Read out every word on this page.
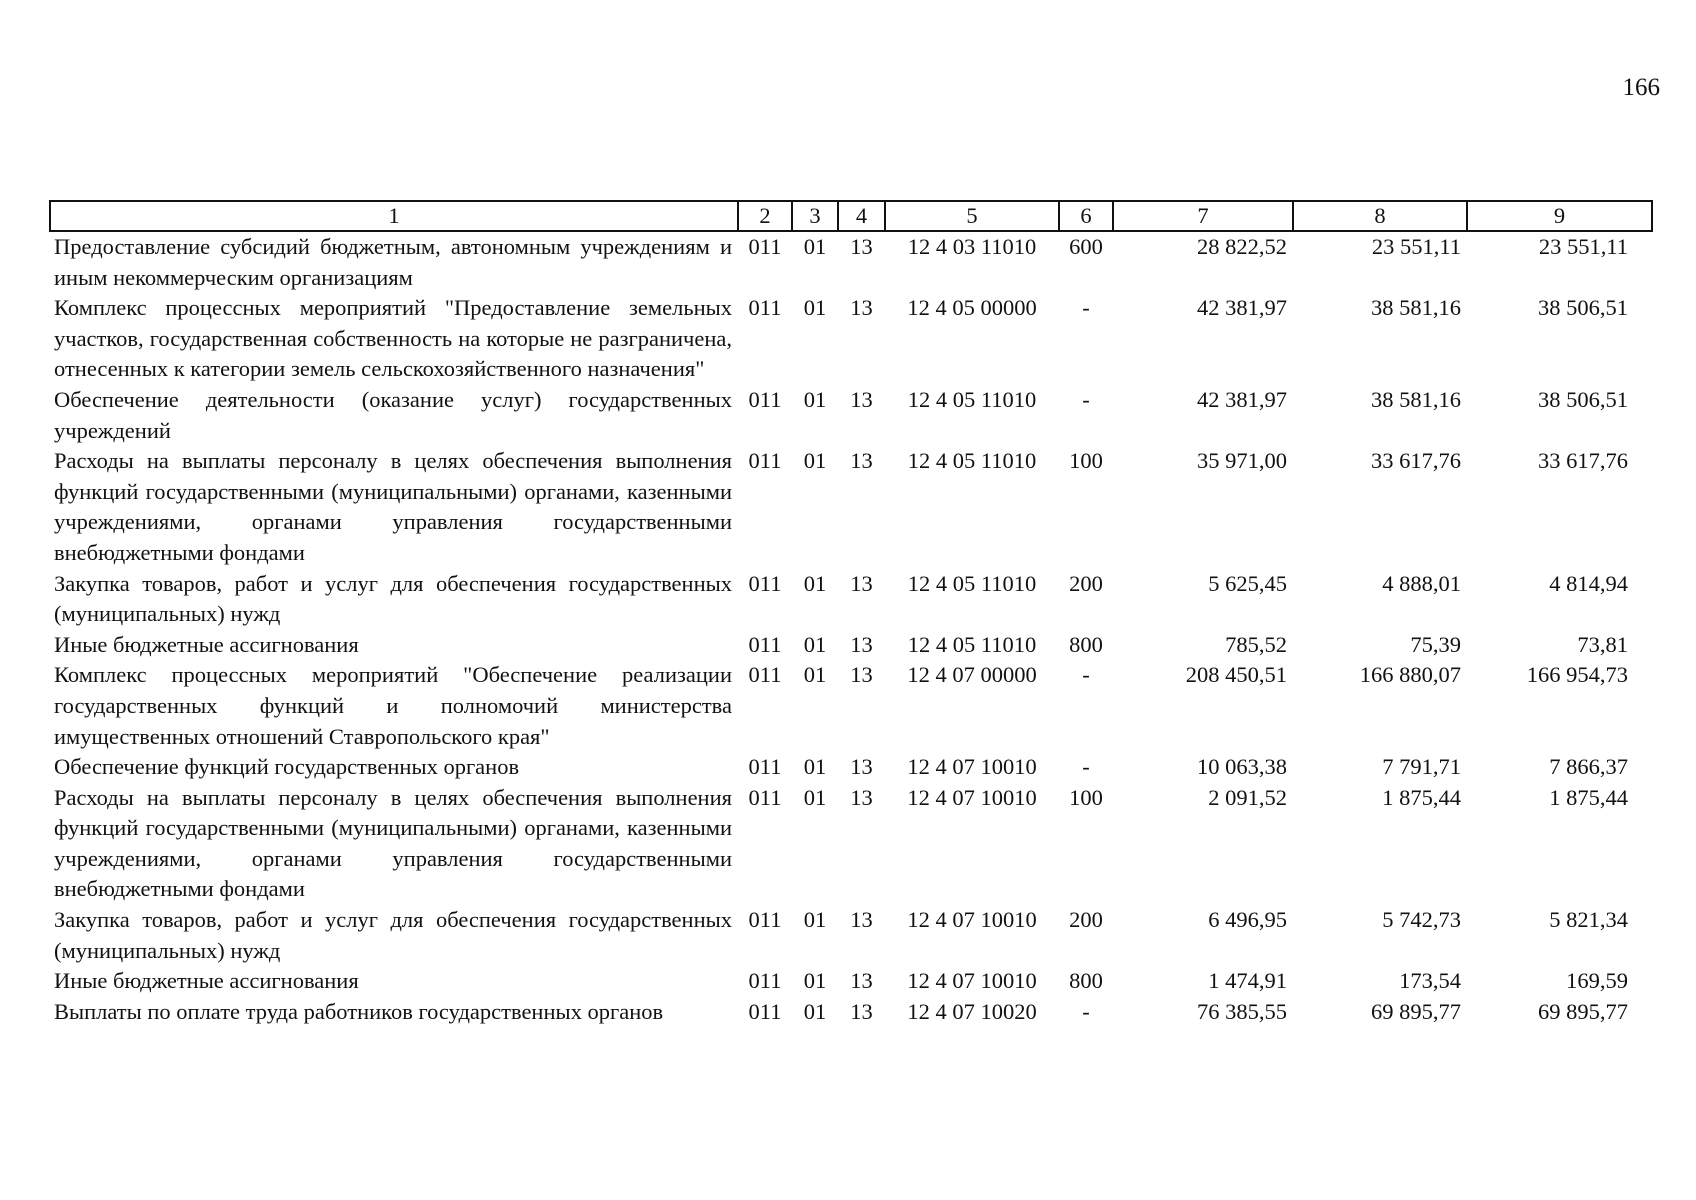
166
1	2	3	4	5	6	7	8	9
Предоставление субсидий бюджетным, автономным учреждениям и иным некоммерческим организациям	011	01	13	12 4 03 11010	600	28 822,52	23 551,11	23 551,11
Комплекс процессных мероприятий "Предоставление земельных участков, государственная собственность на которые не разграничена, отнесенных к категории земель сельскохозяйственного назначения"	011	01	13	12 4 05 00000	-	42 381,97	38 581,16	38 506,51
Обеспечение деятельности (оказание услуг) государственных учреждений	011	01	13	12 4 05 11010	-	42 381,97	38 581,16	38 506,51
Расходы на выплаты персоналу в целях обеспечения выполнения функций государственными (муниципальными) органами, казенными учреждениями, органами управления государственными внебюджетными фондами	011	01	13	12 4 05 11010	100	35 971,00	33 617,76	33 617,76
Закупка товаров, работ и услуг для обеспечения государственных (муниципальных) нужд	011	01	13	12 4 05 11010	200	5 625,45	4 888,01	4 814,94
Иные бюджетные ассигнования	011	01	13	12 4 05 11010	800	785,52	75,39	73,81
Комплекс процессных мероприятий "Обеспечение реализации государственных функций и полномочий министерства имущественных отношений Ставропольского края"	011	01	13	12 4 07 00000	-	208 450,51	166 880,07	166 954,73
Обеспечение функций государственных органов	011	01	13	12 4 07 10010	-	10 063,38	7 791,71	7 866,37
Расходы на выплаты персоналу в целях обеспечения выполнения функций государственными (муниципальными) органами, казенными учреждениями, органами управления государственными внебюджетными фондами	011	01	13	12 4 07 10010	100	2 091,52	1 875,44	1 875,44
Закупка товаров, работ и услуг для обеспечения государственных (муниципальных) нужд	011	01	13	12 4 07 10010	200	6 496,95	5 742,73	5 821,34
Иные бюджетные ассигнования	011	01	13	12 4 07 10010	800	1 474,91	173,54	169,59
Выплаты по оплате труда работников государственных органов	011	01	13	12 4 07 10020	-	76 385,55	69 895,77	69 895,77
